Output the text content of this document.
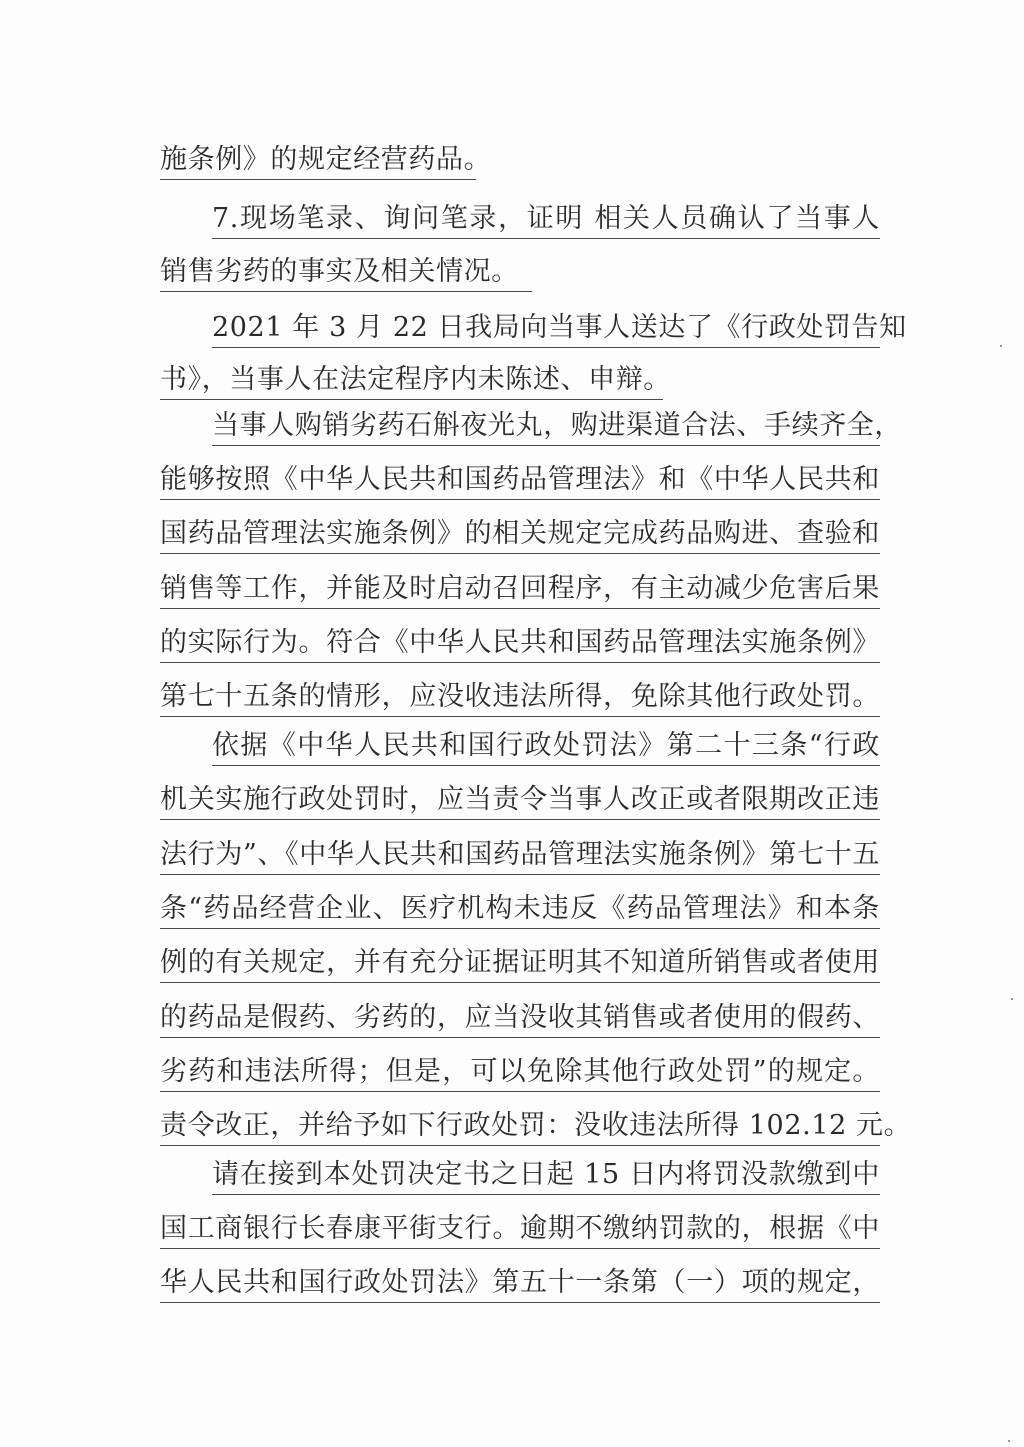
施条例》的规定经营药品。
7.现场笔录、询问笔录，证明 相关人员确认了当事人
销售劣药的事实及相关情况。
2021 年 3 月 22 日我局向当事人送达了《行政处罚告知
书》，当事人在法定程序内未陈述、申辩。
当事人购销劣药石斛夜光丸，购进渠道合法、手续齐全，
能够按照《中华人民共和国药品管理法》和《中华人民共和
国药品管理法实施条例》的相关规定完成药品购进、查验和
销售等工作，并能及时启动召回程序，有主动减少危害后果
的实际行为。符合《中华人民共和国药品管理法实施条例》
第七十五条的情形，应没收违法所得，免除其他行政处罚。
依据《中华人民共和国行政处罚法》第二十三条“行政
机关实施行政处罚时，应当责令当事人改正或者限期改正违
法行为”、《中华人民共和国药品管理法实施条例》第七十五
条“药品经营企业、医疗机构未违反《药品管理法》和本条
例的有关规定，并有充分证据证明其不知道所销售或者使用
的药品是假药、劣药的，应当没收其销售或者使用的假药、
劣药和违法所得；但是，可以免除其他行政处罚”的规定。
责令改正，并给予如下行政处罚：没收违法所得 102.12 元。
请在接到本处罚决定书之日起 15 日内将罚没款缴到中
国工商银行长春康平街支行。逾期不缴纳罚款的，根据《中
华人民共和国行政处罚法》第五十一条第（一）项的规定，
